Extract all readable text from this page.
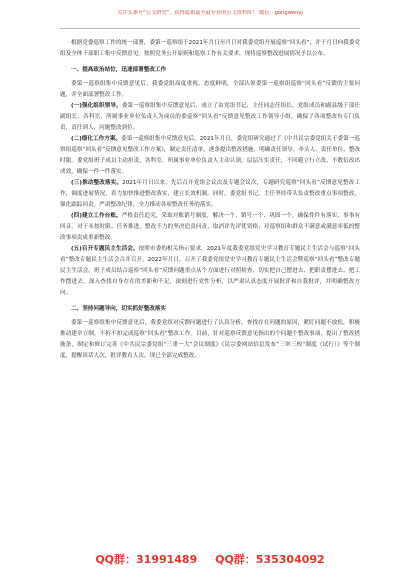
关注头条号“公文研究”，获得最新最全最专业的公文资料库！ 微信：gongwenyj

根据党委巡察工作的统一部署，委第一巡察组于2021年月日至月日对我委党组开展巡察“回头看”，并于月日向我委党组及全体干部职工集中反馈意见。按照党务公开原则和巡察工作有关要求，现将巡察整改进展情况予以公布。

一、提高政治站位，迅速部署整改工作

委第一巡察组集中反馈意见后，我委党组高度重视、态度鲜明，全部认领委第一巡察组巡察“回头看”反馈的主要问题，并全面部署整改工作。

(一)强化组织领导。委第一巡察组集中反馈意见后，成立了由党组书记、主任同志任组长，党组成员和副县级干部任副组长，各科室、所属事业单位负责人为成员的委巡察“回头看”反馈意见整改工作领导小组，确保了各项整改有专门负责，责任到人，问题整改到位。

(二)细化工作方案。委第一巡察组集中反馈意见后，2021年月日，委党组研究通过了《中共民宗委党组关于委第一巡察组巡察“回头看”反馈意见整改工作方案》，制定责任清单，逐条提出整改措施，明确责任领导、牵头人、责任单位、整改时限。委党组班子成员主动担责，各科室、所属事业单位负责人主动认领，层层压实责任，不回避立行立改，不敷衍改出成效，确保一件一件落实。

(三)推动整改落实。2021年月日以来，先后召开党组会议次及专题会议次，专题研究巡察“回头看”反馈意见整改工作，调度进展情况，着力加快推进整改落实，建立长效机制。同时，委党组书记、主任坚持带头负责整改重点事项整改，强化跟踪问责。严肃整改纪律，全力推动各项整改任务的落实。

(四)建立工作台账。严格责任追究，采取对账销号制度，解决一个、销号一个、巩固一个，确保件件有落实、事事有回音。对于未按时限、任务推进，整改不力的坚决追责问责，取消评先评优资格；对巡察组和群众不满意或满意率低的整改事项责成重新整改。

(五)召开专题民主生活会。按照市委的相关指示要求，2021年度我委党组党史学习教育专题民主生活会与巡察“回头看”整改专题民主生活会合并召开。2022年月日，召开了我委党组党史学习教育专题民主生活会暨巡察“回头看”整改专题民主生活会，班子成员结合巡察“回头看”反馈问题重点从个方面进行对照检查，切实把自己摆进去、把职责摆进去、把工作摆进去，深入查找自身存在的差距和不足，深刻进行党性分析，以严肃认真态度开展批评和自我批评，并明确整改方向。

二、坚持问题导向，切实抓好整改落实

委第一巡察组集中反馈意见后，我委党组对反馈问题进行了认真分析，查找存在问题的原因，紧盯问题不放松，积极推动建章立制，不折不扣完成巡察“回头看”整改工作。目前，针对巡察反馈意见指出的个问题个整改事项，提出了整改措施条，制定和修订完善《中共民宗委党组“三重一大”会议制度》《民宗委网站信息发布“三审三校”制度（试行）》等个制度，提醒谈话人次，批评教育人次，现已全部完成整改。

QQ群：31991489 QQ群：535304092
